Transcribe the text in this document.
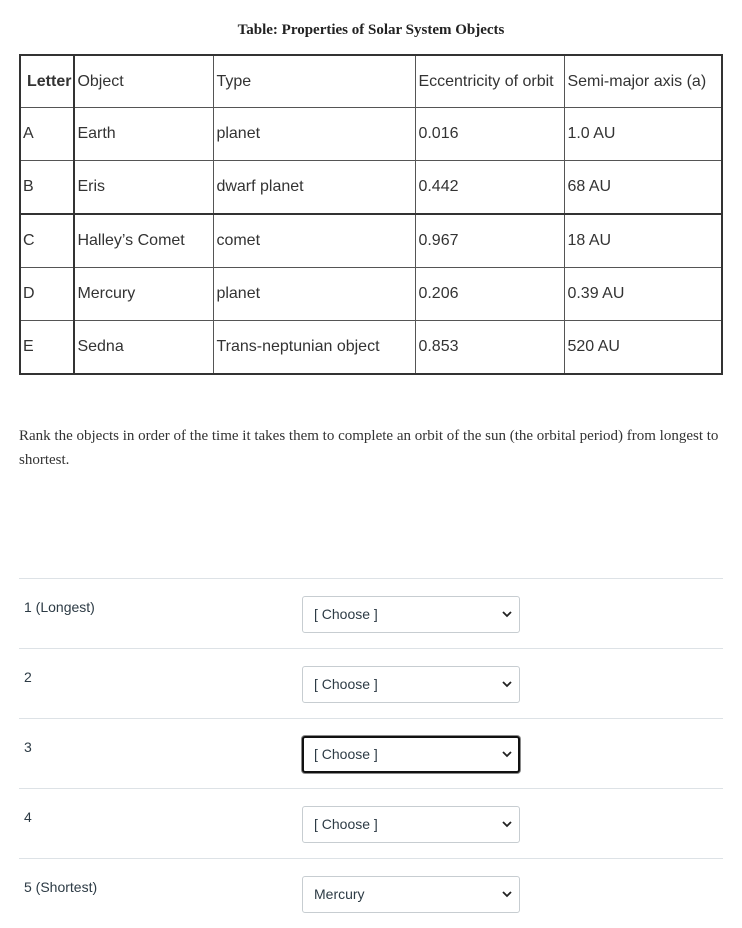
Table: Properties of Solar System Objects
Letter	Object	Type	Eccentricity of orbit	Semi-major axis (a)
A	Earth	planet	0.016	1.0 AU
B	Eris	dwarf planet	0.442	68 AU
C	Halley’s Comet	comet	0.967	18 AU
D	Mercury	planet	0.206	0.39 AU
E	Sedna	Trans-neptunian object	0.853	520 AU
Rank the objects in order of the time it takes them to complete an orbit of the sun (the orbital period) from longest to shortest.
1 (Longest)	[ Choose ]
2	[ Choose ]
3	[ Choose ]
4	[ Choose ]
5 (Shortest)	Mercury
